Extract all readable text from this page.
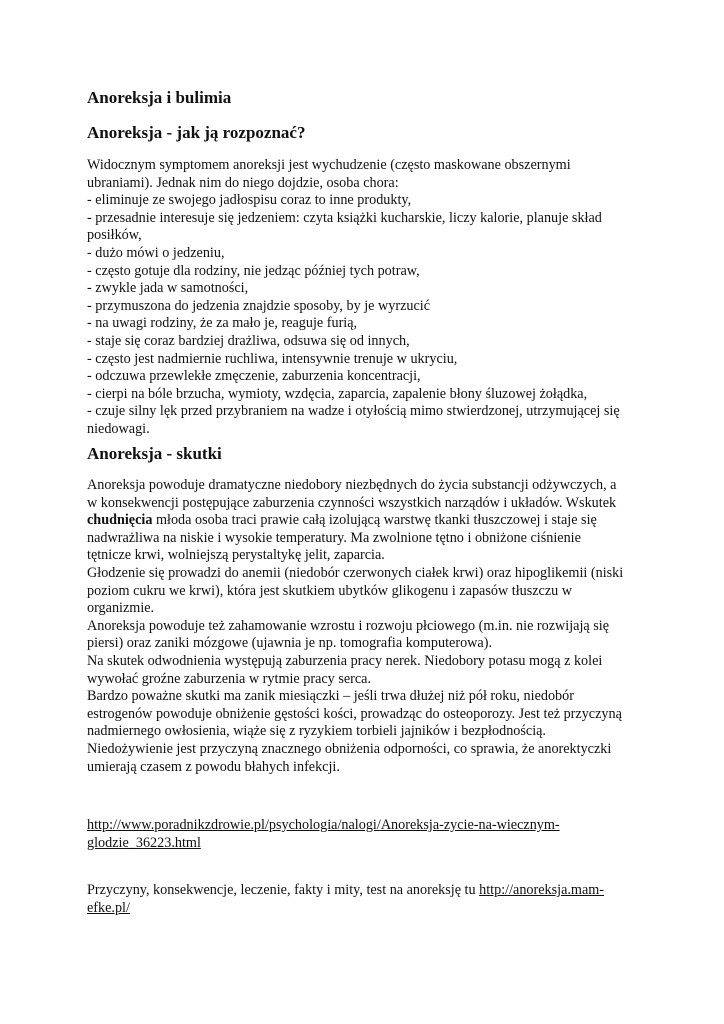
Anoreksja i bulimia
Anoreksja - jak ją rozpoznać?
Widocznym symptomem anoreksji jest wychudzenie (często maskowane obszernymi
ubraniami). Jednak nim do niego dojdzie, osoba chora:
- eliminuje ze swojego jadłospisu coraz to inne produkty,
- przesadnie interesuje się jedzeniem: czyta książki kucharskie, liczy kalorie, planuje skład
posiłków,
- dużo mówi o jedzeniu,
- często gotuje dla rodziny, nie jedząc później tych potraw,
- zwykle jada w samotności,
- przymuszona do jedzenia znajdzie sposoby, by je wyrzucić
- na uwagi rodziny, że za mało je, reaguje furią,
- staje się coraz bardziej drażliwa, odsuwa się od innych,
- często jest nadmiernie ruchliwa, intensywnie trenuje w ukryciu,
- odczuwa przewlekłe zmęczenie, zaburzenia koncentracji,
- cierpi na bóle brzucha, wymioty, wzdęcia, zaparcia, zapalenie błony śluzowej żołądka,
- czuje silny lęk przed przybraniem na wadze i otyłością mimo stwierdzonej, utrzymującej się
niedowagi.
Anoreksja - skutki
Anoreksja powoduje dramatyczne niedobory niezbędnych do życia substancji odżywczych, a
w konsekwencji postępujące zaburzenia czynności wszystkich narządów i układów. Wskutek
chudnięcia młoda osoba traci prawie całą izolującą warstwę tkanki tłuszczowej i staje się
nadwrażliwa na niskie i wysokie temperatury. Ma zwolnione tętno i obniżone ciśnienie
tętnicze krwi, wolniejszą perystaltykę jelit, zaparcia.
Głodzenie się prowadzi do anemii (niedobór czerwonych ciałek krwi) oraz hipoglikemii (niski
poziom cukru we krwi), która jest skutkiem ubytków glikogenu i zapasów tłuszczu w
organizmie.
Anoreksja powoduje też zahamowanie wzrostu i rozwoju płciowego (m.in. nie rozwijają się
piersi) oraz zaniki mózgowe (ujawnia je np. tomografia komputerowa).
Na skutek odwodnienia występują zaburzenia pracy nerek. Niedobory potasu mogą z kolei
wywołać groźne zaburzenia w rytmie pracy serca.
Bardzo poważne skutki ma zanik miesiączki – jeśli trwa dłużej niż pół roku, niedobór
estrogenów powoduje obniżenie gęstości kości, prowadząc do osteoporozy. Jest też przyczyną
nadmiernego owłosienia, wiąże się z ryzykiem torbieli jajników i bezpłodnością.
Niedożywienie jest przyczyną znacznego obniżenia odporności, co sprawia, że anorektyczki
umierają czasem z powodu błahych infekcji.
http://www.poradnikzdrowie.pl/psychologia/nalogi/Anoreksja-zycie-na-wiecznym-
glodzie_36223.html
Przyczyny, konsekwencje, leczenie, fakty i mity, test na anoreksję tu http://anoreksja.mam-
efke.pl/
